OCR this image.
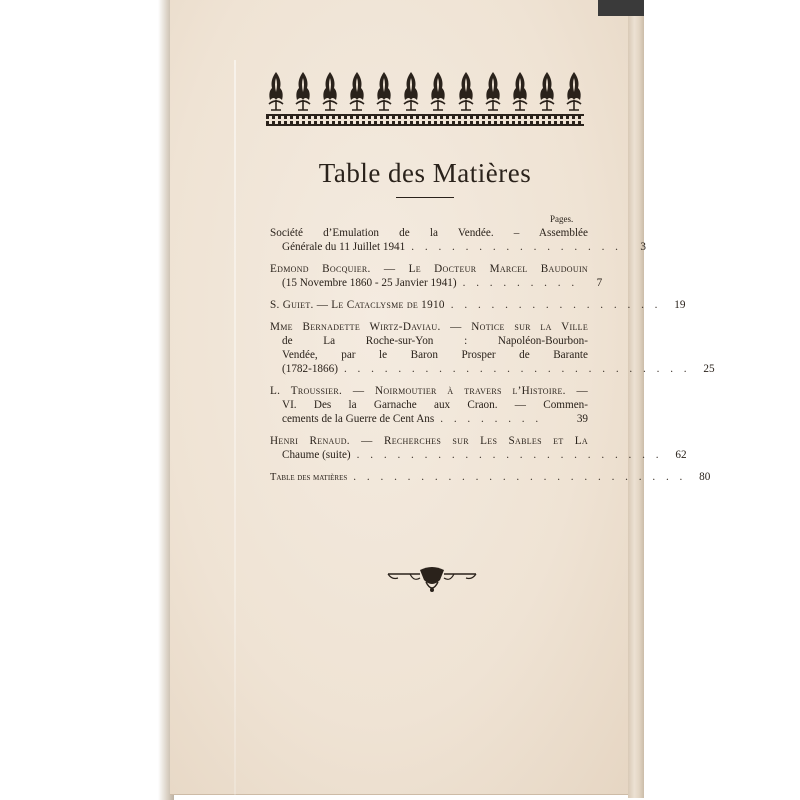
Table des Matières
Pages.
Société d’Emulation de la Vendée. – Assemblée
Générale du 11 Juillet 1941 . . . . . . . . . . . . . . . .	3
Edmond Bocquier. — Le Docteur Marcel Baudouin
(15 Novembre 1860 - 25 Janvier 1941) . . . . . . . . .	7
S. Guiet. — Le Cataclysme de 1910 . . . . . . . . . . . . . . . .	19
Mme Bernadette Wirtz-Daviau. — Notice sur la Ville
de La Roche-sur-Yon : Napoléon-Bourbon-
Vendée, par le Baron Prosper de Barante
(1782-1866) . . . . . . . . . . . . . . . . . . . . . . . . . .	25
L. Troussier. — Noirmoutier à travers l’Histoire. —
VI. Des la Garnache aux Craon. — Commen-
cements de la Guerre de Cent Ans . . . . . . . .	39
Henri Renaud. — Recherches sur Les Sables et La
Chaume (suite) . . . . . . . . . . . . . . . . . . . . . . .	62
Table des matières . . . . . . . . . . . . . . . . . . . . . . . . .	80
